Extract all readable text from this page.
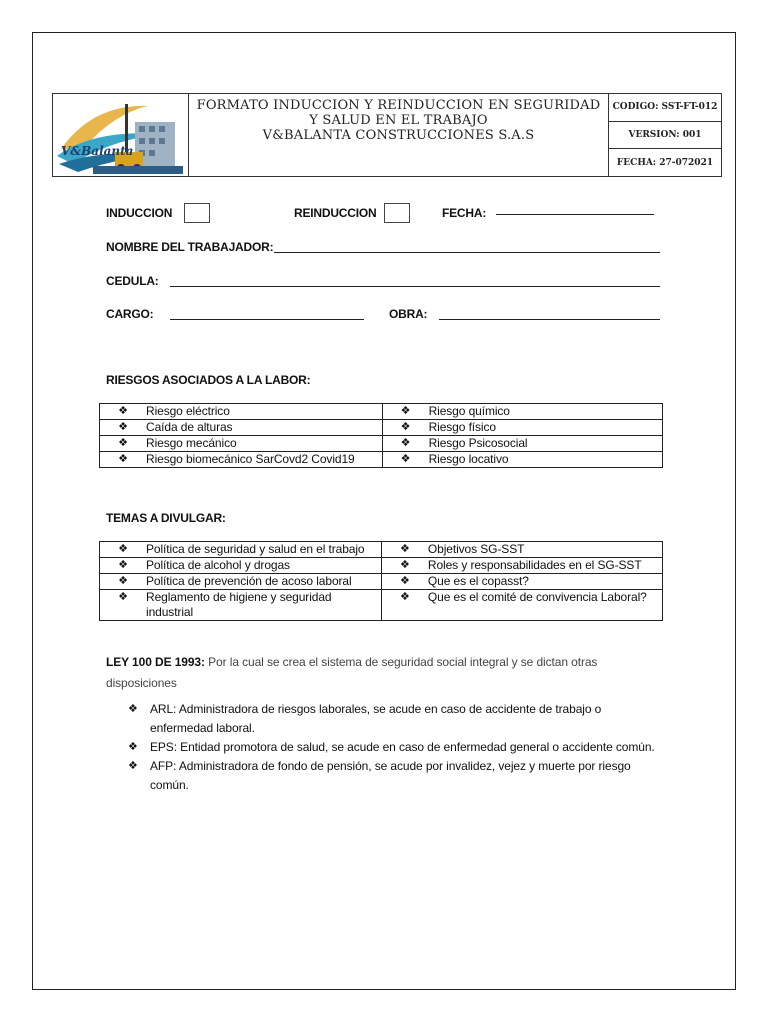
V&Balanta
FORMATO INDUCCION Y REINDUCCION EN SEGURIDAD
Y SALUD EN EL TRABAJO
V&BALANTA CONSTRUCCIONES S.A.S
CODIGO: SST-FT-012
VERSION: 001
FECHA: 27-072021
INDUCCION	REINDUCCION	FECHA:
NOMBRE DEL TRABAJADOR:
CEDULA:
CARGO:	OBRA:
RIESGOS ASOCIADOS A LA LABOR:
❖ Riesgo eléctrico	❖ Riesgo químico

❖ Caída de alturas	❖ Riesgo físico

❖ Riesgo mecánico	❖ Riesgo Psicosocial

❖ Riesgo biomecánico SarCovd2 Covid19	❖ Riesgo locativo
TEMAS A DIVULGAR:
❖ Política de seguridad y salud en el trabajo	❖ Objetivos SG-SST

❖ Política de alcohol y drogas	❖ Roles y responsabilidades en el SG-SST

❖ Política de prevención de acoso laboral	❖ Que es el copasst?

❖ Reglamento de higiene y seguridad industrial	❖ Que es el comité de convivencia Laboral?
LEY 100 DE 1993: Por la cual se crea el sistema de seguridad social integral y se dictan otras disposiciones
❖	ARL: Administradora de riesgos laborales, se acude en caso de accidente de trabajo o enfermedad laboral.
❖	EPS: Entidad promotora de salud, se acude en caso de enfermedad general o accidente común.
❖	AFP: Administradora de fondo de pensión, se acude por invalidez, vejez y muerte por riesgo común.
